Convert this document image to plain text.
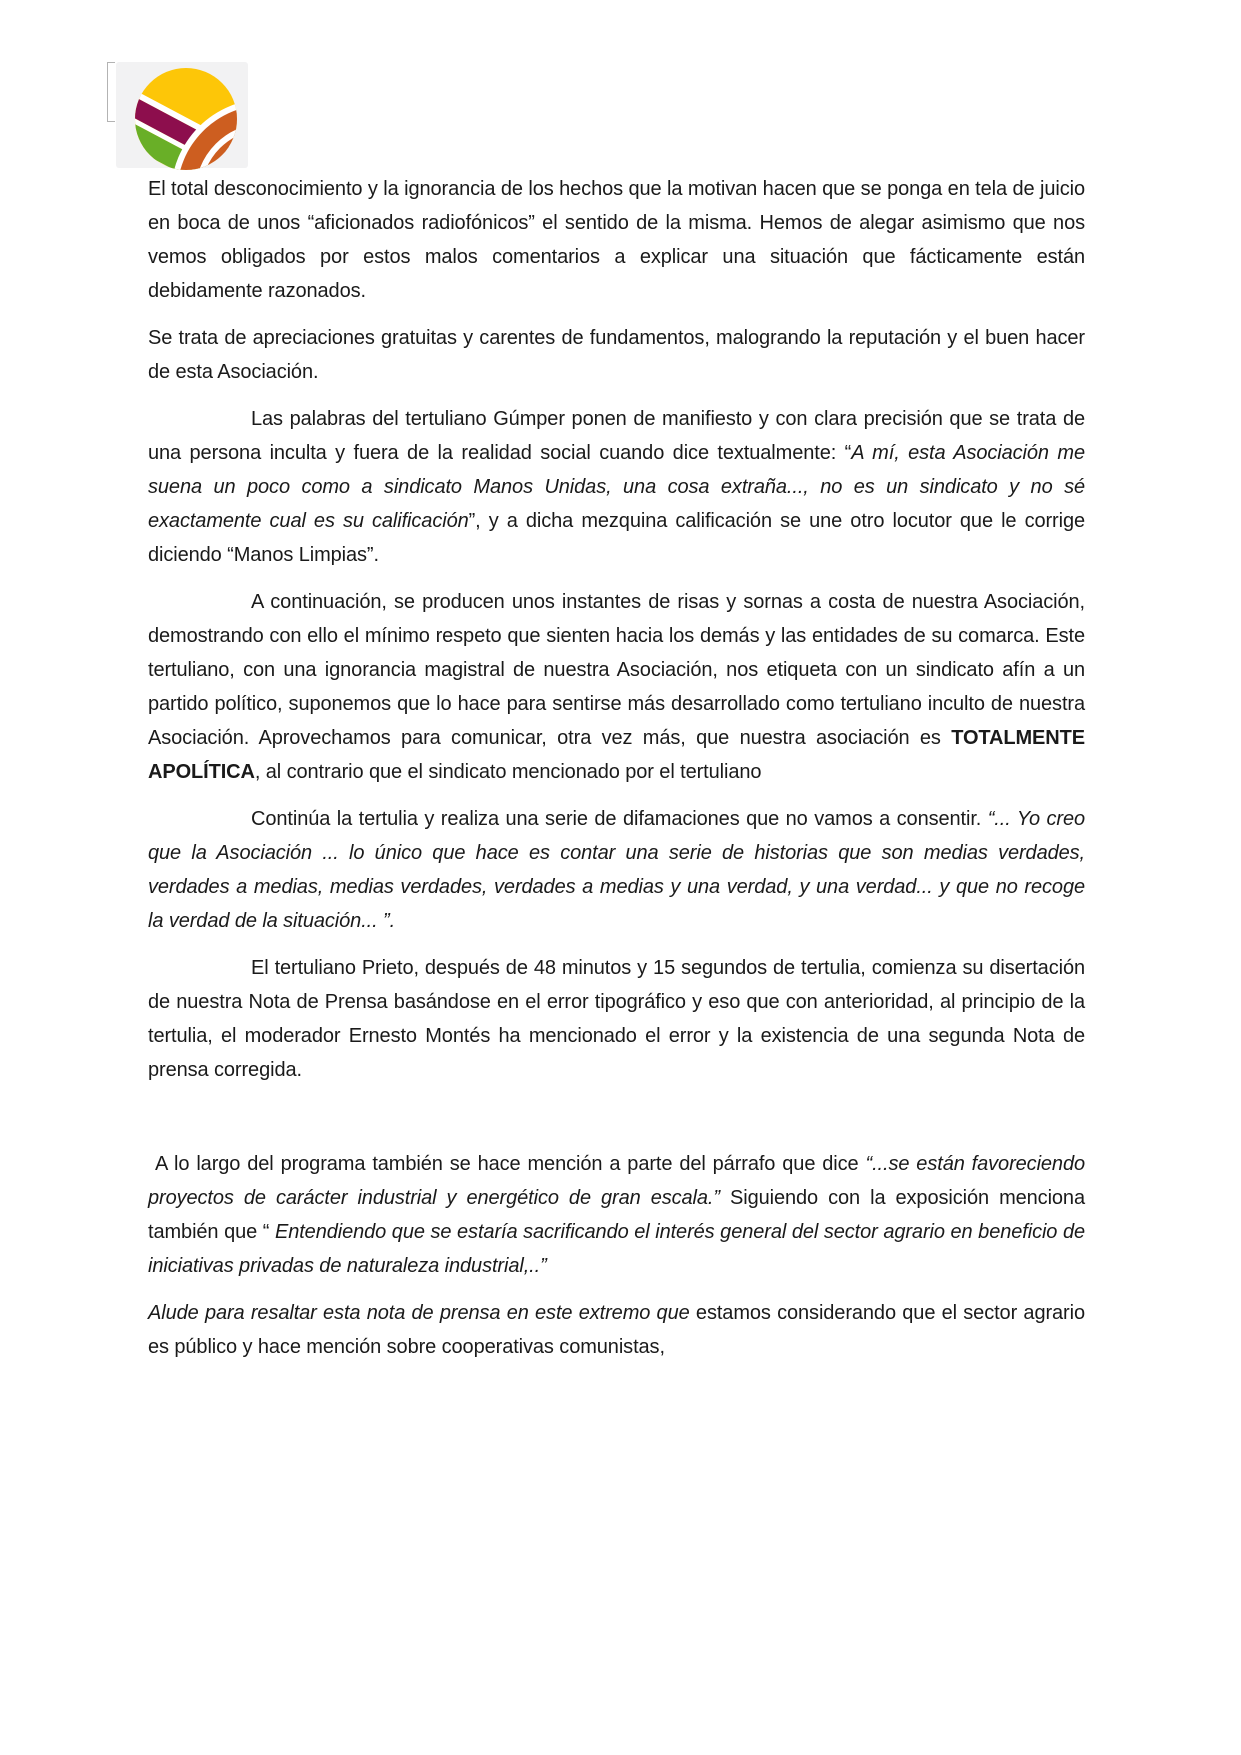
El total desconocimiento y la ignorancia de los hechos que la motivan hacen que se ponga en tela de juicio en boca de unos “aficionados radiofónicos” el sentido de la misma. Hemos de alegar asimismo que nos vemos obligados por estos malos comentarios a explicar una situación que fácticamente están debidamente razonados.

Se trata de apreciaciones gratuitas y carentes de fundamentos, malogrando la reputación y el buen hacer de esta Asociación.

Las palabras del tertuliano Gúmper ponen de manifiesto y con clara precisión que se trata de una persona inculta y fuera de la realidad social cuando dice textualmente: “A mí, esta Asociación me suena un poco como a sindicato Manos Unidas, una cosa extraña..., no es un sindicato y no sé exactamente cual es su calificación”, y a dicha mezquina calificación se une otro locutor que le corrige diciendo “Manos Limpias”.

A continuación, se producen unos instantes de risas y sornas a costa de nuestra Asociación, demostrando con ello el mínimo respeto que sienten hacia los demás y las entidades de su comarca. Este tertuliano, con una ignorancia magistral de nuestra Asociación, nos etiqueta con un sindicato afín a un partido político, suponemos que lo hace para sentirse más desarrollado como tertuliano inculto de nuestra Asociación. Aprovechamos para comunicar, otra vez más, que nuestra asociación es TOTALMENTE APOLÍTICA, al contrario que el sindicato mencionado por el tertuliano

Continúa la tertulia y realiza una serie de difamaciones que no vamos a consentir. “... Yo creo que la Asociación ... lo único que hace es contar una serie de historias que son medias verdades, verdades a medias, medias verdades, verdades a medias y una verdad, y una verdad... y que no recoge la verdad de la situación... ”.

El tertuliano Prieto, después de 48 minutos y 15 segundos de tertulia, comienza su disertación de nuestra Nota de Prensa basándose en el error tipográfico y eso que con anterioridad, al principio de la tertulia, el moderador Ernesto Montés ha mencionado el error y la existencia de una segunda Nota de prensa corregida.

A lo largo del programa también se hace mención a parte del párrafo que dice “...se están favoreciendo proyectos de carácter industrial y energético de gran escala.” Siguiendo con la exposición menciona también que “ Entendiendo que se estaría sacrificando el interés general del sector agrario en beneficio de iniciativas privadas de naturaleza industrial,..”

Alude para resaltar esta nota de prensa en este extremo que estamos considerando que el sector agrario es público y hace mención sobre cooperativas comunistas,
